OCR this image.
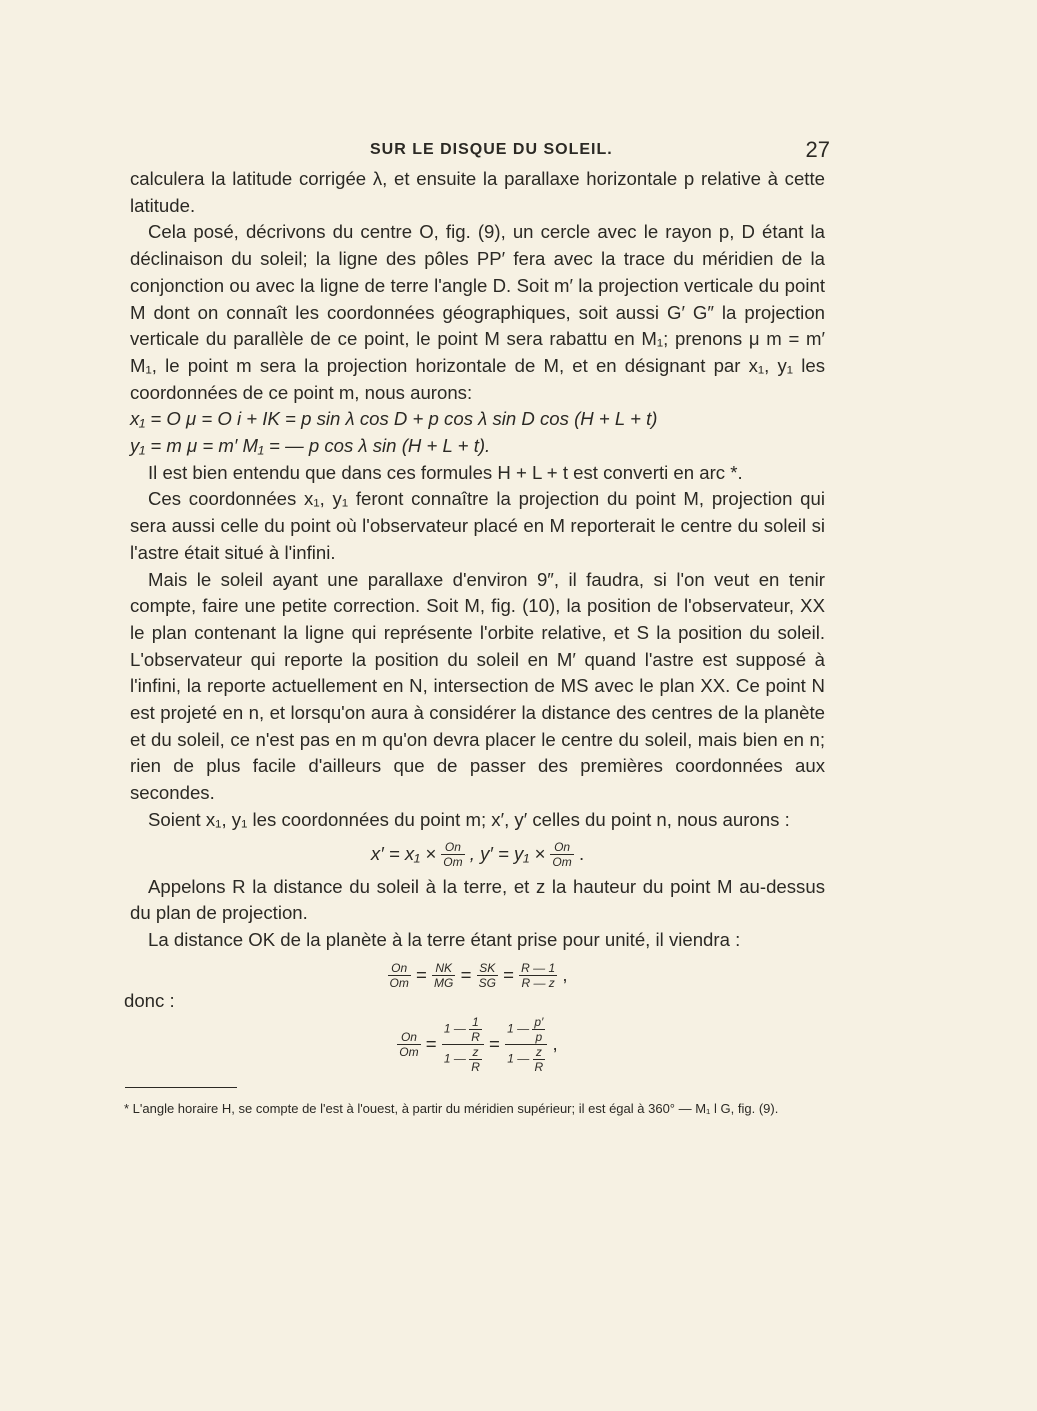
SUR LE DISQUE DU SOLEIL.	27

calculera la latitude corrigée λ, et ensuite la parallaxe horizontale p relative à cette latitude.

Cela posé, décrivons du centre O, fig. (9), un cercle avec le rayon p, D étant la déclinaison du soleil; la ligne des pôles PP′ fera avec la trace du méridien de la conjonction ou avec la ligne de terre l'angle D. Soit m′ la projection verticale du point M dont on connaît les coordonnées géographiques, soit aussi G′ G″ la projection verticale du parallèle de ce point, le point M sera rabattu en M₁; prenons μ m = m′ M₁, le point m sera la projection horizontale de M, et en désignant par x₁, y₁ les coordonnées de ce point m, nous aurons:

x₁ = O μ = O i + IK = p sin λ cos D + p cos λ sin D cos (H + L + t)

y₁ = m μ = m′ M₁ = — p cos λ sin (H + L + t).

Il est bien entendu que dans ces formules H + L + t est converti en arc *.

Ces coordonnées x₁, y₁ feront connaître la projection du point M, projection qui sera aussi celle du point où l'observateur placé en M reporterait le centre du soleil si l'astre était situé à l'infini.

Mais le soleil ayant une parallaxe d'environ 9″, il faudra, si l'on veut en tenir compte, faire une petite correction. Soit M, fig. (10), la position de l'observateur, XX le plan contenant la ligne qui représente l'orbite relative, et S la position du soleil. L'observateur qui reporte la position du soleil en M′ quand l'astre est supposé à l'infini, la reporte actuellement en N, intersection de MS avec le plan XX. Ce point N est projeté en n, et lorsqu'on aura à considérer la distance des centres de la planète et du soleil, ce n'est pas en m qu'on devra placer le centre du soleil, mais bien en n; rien de plus facile d'ailleurs que de passer des premières coordonnées aux secondes.

Soient x₁, y₁ les coordonnées du point m; x′, y′ celles du point n, nous aurons :

$x' = x_1 \times \frac{On}{Om}$ , $y' = y_1 \times \frac{On}{Om}$ .

Appelons R la distance du soleil à la terre, et z la hauteur du point M au-dessus du plan de projection.

La distance OK de la planète à la terre étant prise pour unité, il viendra :

$\frac{On}{Om} = \frac{NK}{MG} = \frac{SK}{SG} = \frac{R — 1}{R — z}$ ,
$\frac{On}{Om} = \frac{1 — \frac{1}{R}}{1 — \frac{z}{R}} = \frac{1 — \frac{p'}{p}}{1 — \frac{z}{R}}$ ,
donc :
* L'angle horaire H, se compte de l'est à l'ouest, à partir du méridien supérieur; il est égal à 360° — M₁ l G, fig. (9).
